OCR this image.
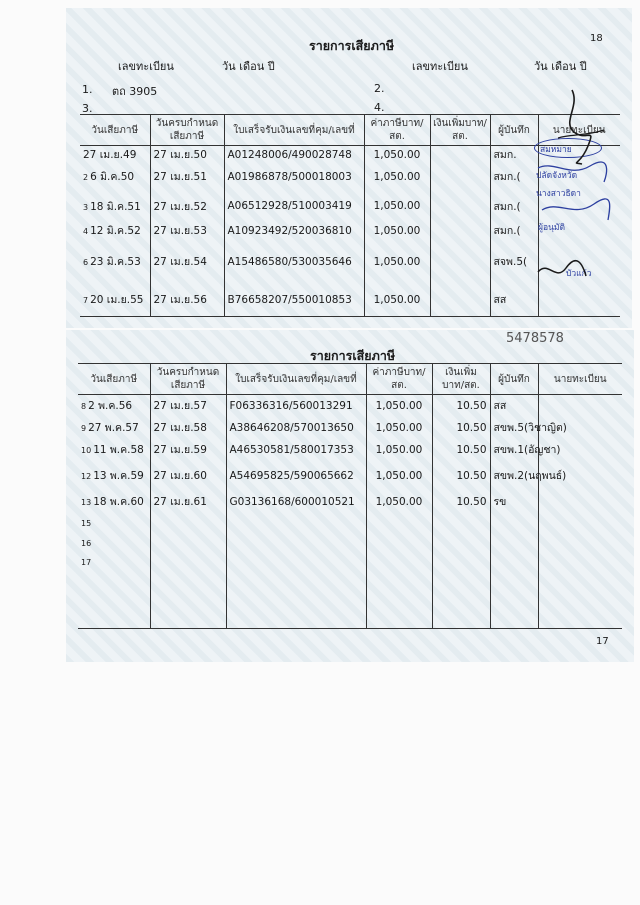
18
รายการเสียภาษี
เลขทะเบียน	วัน เดือน ปี	เลขทะเบียน	วัน เดือน ปี
1. ตถ 3905	2.
3.	4.
วันเสียภาษี	วันครบกำหนดเสียภาษี	ใบเสร็จรับเงินเลขที่คุม/เลขที่	ค่าภาษีบาท/สต.	เงินเพิ่มบาท/สต.	ผู้บันทึก	นายทะเบียน
27 เม.ย.49	27 เม.ย.50	A01248006/490028748	1,050.00		สมก.	
2 6 มิ.ค.50	27 เม.ย.51	A01986878/500018003	1,050.00		สมก.(	
3 18 มิ.ค.51	27 เม.ย.52	A06512928/510003419	1,050.00		สมก.(	
4 12 มิ.ค.52	27 เม.ย.53	A10923492/520036810	1,050.00		สมก.(	
6 23 มิ.ค.53	27 เม.ย.54	A15486580/530035646	1,050.00		สจพ.5(	
7 20 เม.ย.55	27 เม.ย.56	B76658207/550010853	1,050.00		สส	
สมหมาย
ปลัดจังหวัด
นางสาวธิดา
ผู้อนุมัติ
บัวแก้ว
5478578
รายการเสียภาษี
วันเสียภาษี	วันครบกำหนดเสียภาษี	ใบเสร็จรับเงินเลขที่คุม/เลขที่	ค่าภาษีบาท/สต.	เงินเพิ่มบาท/สต.	ผู้บันทึก	นายทะเบียน
8 2 พ.ค.56	27 เม.ย.57	F06336316/560013291	1,050.00	10.50	สส	
9 27 พ.ค.57	27 เม.ย.58	A38646208/570013650	1,050.00	10.50	สขพ.5(วิชาญิต)	
10 11 พ.ค.58	27 เม.ย.59	A46530581/580017353	1,050.00	10.50	สขพ.1(อัญชา)	
12 13 พ.ค.59	27 เม.ย.60	A54695825/590065662	1,050.00	10.50	สขพ.2(นฤพนธ์)	
13 18 พ.ค.60	27 เม.ย.61	G03136168/600010521	1,050.00	10.50	รข	
15						
16						
17						
17
